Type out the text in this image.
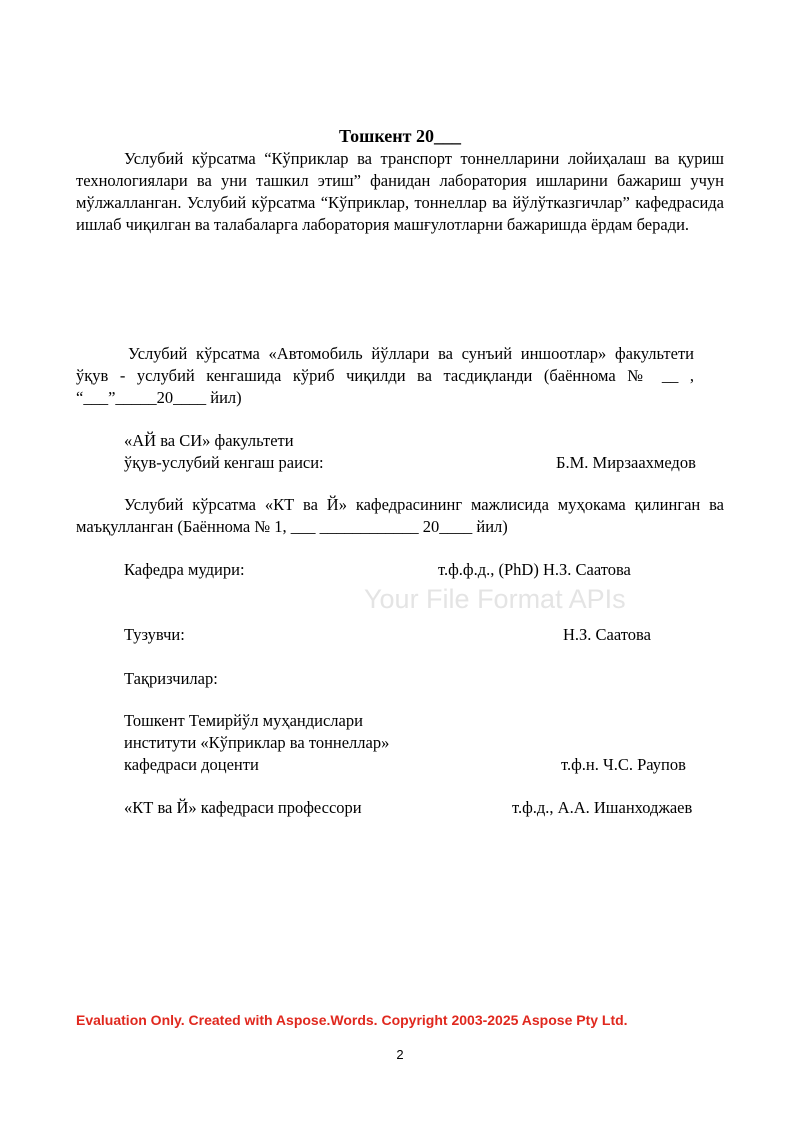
Тошкент 20___
Услубий кўрсатма “Кўприклар ва транспорт тоннелларини лойиҳалаш ва қуриш технологиялари ва уни ташкил этиш” фанидан лаборатория ишларини бажариш учун мўлжалланган. Услубий кўрсатма “Кўприклар, тоннеллар ва йўлўтказгичлар” кафедрасида ишлаб чиқилган ва талабаларга лаборатория машғулотларни бажаришда ёрдам беради.
Услубий кўрсатма «Автомобиль йўллари ва сунъий иншоотлар» факультети ўқув - услубий кенгашида кўриб чиқилди ва тасдиқланди (баённома № __ , “___”_____20____ йил)
«АЙ ва СИ» факультети
ўқув-услубий кенгаш раиси:	Б.М. Мирзаахмедов
Услубий кўрсатма «КТ ва Й» кафедрасининг мажлисида муҳокама қилинган ва маъқулланган (Баённома № 1, ___ ____________ 20____ йил)
Кафедра мудири:	т.ф.ф.д., (PhD) Н.З. Саатова
Тузувчи:	Н.З. Саатова
Тақризчилар:
Тошкент Темирйўл муҳандислари
институти «Кўприклар ва тоннеллар»
кафедраси доценти	т.ф.н. Ч.С. Раупов
«КТ ва Й» кафедраси профессори	т.ф.д., А.А. Ишанходжаев
Your File Format APIs
Evaluation Only. Created with Aspose.Words. Copyright 2003-2025 Aspose Pty Ltd.
2
